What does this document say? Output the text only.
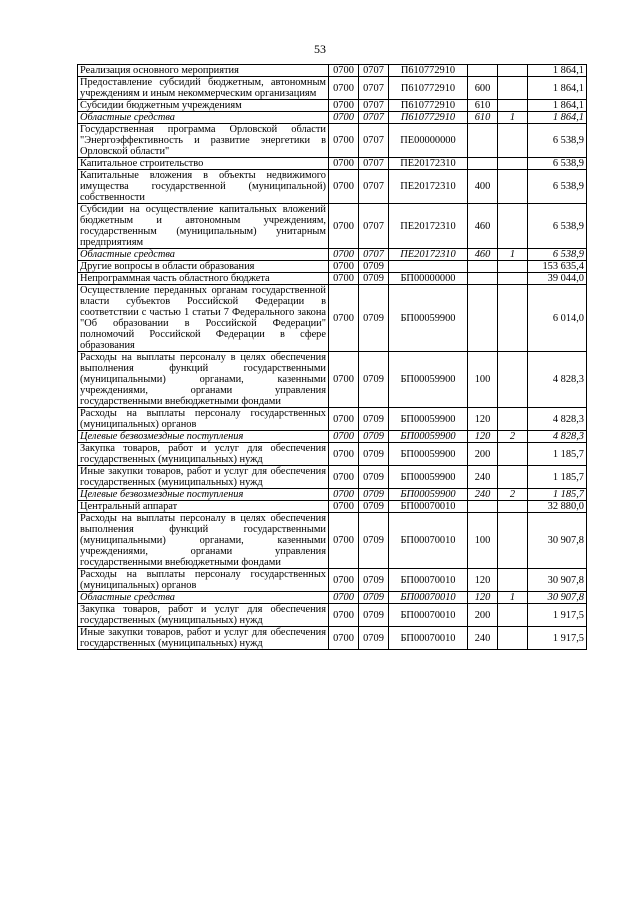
53
Реализация основного мероприятия	0700	0707	П610772910			1 864,1
Предоставление субсидий бюджетным, автономным учреждениям и иным некоммерческим организациям	0700	0707	П610772910	600		1 864,1
Субсидии бюджетным учреждениям	0700	0707	П610772910	610		1 864,1
Областные средства	0700	0707	П610772910	610	1	1 864,1
Государственная программа Орловской области "Энергоэффективность и развитие энергетики в Орловской области"	0700	0707	ПЕ00000000			6 538,9
Капитальное строительство	0700	0707	ПЕ20172310			6 538,9
Капитальные вложения в объекты недвижимого имущества государственной (муниципальной) собственности	0700	0707	ПЕ20172310	400		6 538,9
Субсидии на осуществление капитальных вложений бюджетным и автономным учреждениям, государственным (муниципальным) унитарным предприятиям	0700	0707	ПЕ20172310	460		6 538,9
Областные средства	0700	0707	ПЕ20172310	460	1	6 538,9
Другие вопросы в области образования	0700	0709				153 635,4
Непрограммная часть областного бюджета	0700	0709	БП00000000			39 044,0
Осуществление переданных органам государственной власти субъектов Российской Федерации в соответствии с частью 1 статьи 7 Федерального закона "Об образовании в Российской Федерации" полномочий Российской Федерации в сфере образования	0700	0709	БП00059900			6 014,0
Расходы на выплаты персоналу в целях обеспечения выполнения функций государственными (муниципальными) органами, казенными учреждениями, органами управления государственными внебюджетными фондами	0700	0709	БП00059900	100		4 828,3
Расходы на выплаты персоналу государственных (муниципальных) органов	0700	0709	БП00059900	120		4 828,3
Целевые безвозмездные поступления	0700	0709	БП00059900	120	2	4 828,3
Закупка товаров, работ и услуг для обеспечения государственных (муниципальных) нужд	0700	0709	БП00059900	200		1 185,7
Иные закупки товаров, работ и услуг для обеспечения государственных (муниципальных) нужд	0700	0709	БП00059900	240		1 185,7
Целевые безвозмездные поступления	0700	0709	БП00059900	240	2	1 185,7
Центральный аппарат	0700	0709	БП00070010			32 880,0
Расходы на выплаты персоналу в целях обеспечения выполнения функций государственными (муниципальными) органами, казенными учреждениями, органами управления государственными внебюджетными фондами	0700	0709	БП00070010	100		30 907,8
Расходы на выплаты персоналу государственных (муниципальных) органов	0700	0709	БП00070010	120		30 907,8
Областные средства	0700	0709	БП00070010	120	1	30 907,8
Закупка товаров, работ и услуг для обеспечения государственных (муниципальных) нужд	0700	0709	БП00070010	200		1 917,5
Иные закупки товаров, работ и услуг для обеспечения государственных (муниципальных) нужд	0700	0709	БП00070010	240		1 917,5
